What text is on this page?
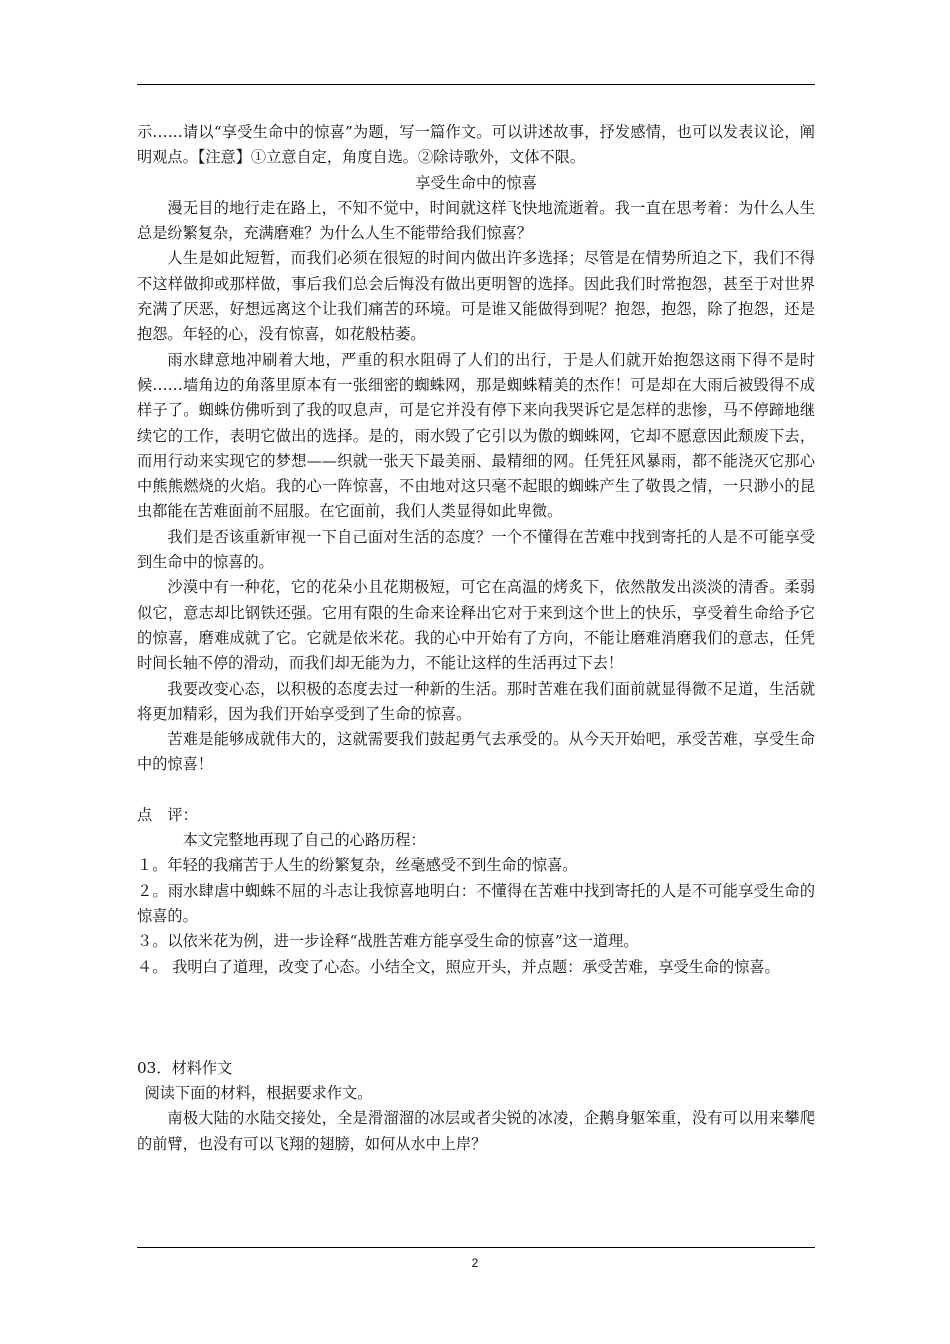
示……请以“享受生命中的惊喜”为题，写一篇作文。可以讲述故事，抒发感情，也可以发表议论，阐明观点。【注意】①立意自定，角度自选。②除诗歌外，文体不限。

享受生命中的惊喜

漫无目的地行走在路上，不知不觉中，时间就这样飞快地流逝着。我一直在思考着：为什么人生总是纷繁复杂，充满磨难？为什么人生不能带给我们惊喜？

人生是如此短暂，而我们必须在很短的时间内做出许多选择；尽管是在情势所迫之下，我们不得不这样做抑或那样做，事后我们总会后悔没有做出更明智的选择。因此我们时常抱怨，甚至于对世界充满了厌恶，好想远离这个让我们痛苦的环境。可是谁又能做得到呢？抱怨，抱怨，除了抱怨，还是抱怨。年轻的心，没有惊喜，如花般枯萎。

雨水肆意地冲刷着大地，严重的积水阻碍了人们的出行，于是人们就开始抱怨这雨下得不是时候……墙角边的角落里原本有一张细密的蜘蛛网，那是蜘蛛精美的杰作！可是却在大雨后被毁得不成样子了。蜘蛛仿佛听到了我的叹息声，可是它并没有停下来向我哭诉它是怎样的悲惨，马不停蹄地继续它的工作，表明它做出的选择。是的，雨水毁了它引以为傲的蜘蛛网，它却不愿意因此颓废下去，而用行动来实现它的梦想——织就一张天下最美丽、最精细的网。任凭狂风暴雨，都不能浇灭它那心中熊熊燃烧的火焰。我的心一阵惊喜，不由地对这只毫不起眼的蜘蛛产生了敬畏之情，一只渺小的昆虫都能在苦难面前不屈服。在它面前，我们人类显得如此卑微。

我们是否该重新审视一下自己面对生活的态度？一个不懂得在苦难中找到寄托的人是不可能享受到生命中的惊喜的。

沙漠中有一种花，它的花朵小且花期极短，可它在高温的烤炙下，依然散发出淡淡的清香。柔弱似它，意志却比钢铁还强。它用有限的生命来诠释出它对于来到这个世上的快乐，享受着生命给予它的惊喜，磨难成就了它。它就是依米花。我的心中开始有了方向，不能让磨难消磨我们的意志，任凭时间长轴不停的滑动，而我们却无能为力，不能让这样的生活再过下去！

我要改变心态，以积极的态度去过一种新的生活。那时苦难在我们面前就显得微不足道，生活就将更加精彩，因为我们开始享受到了生命的惊喜。

苦难是能够成就伟大的，这就需要我们鼓起勇气去承受的。从今天开始吧，承受苦难，享受生命中的惊喜！

点　评：

本文完整地再现了自己的心路历程：

１。年轻的我痛苦于人生的纷繁复杂，丝毫感受不到生命的惊喜。

２。雨水肆虐中蜘蛛不屈的斗志让我惊喜地明白：不懂得在苦难中找到寄托的人是不可能享受生命的惊喜的。

３。以依米花为例，进一步诠释“战胜苦难方能享受生命的惊喜”这一道理。

４。 我明白了道理，改变了心态。小结全文，照应开头，并点题：承受苦难，享受生命的惊喜。

03．材料作文

阅读下面的材料，根据要求作文。

南极大陆的水陆交接处，全是滑溜溜的冰层或者尖锐的冰凌，企鹅身躯笨重，没有可以用来攀爬的前臂，也没有可以飞翔的翅膀，如何从水中上岸？

2
